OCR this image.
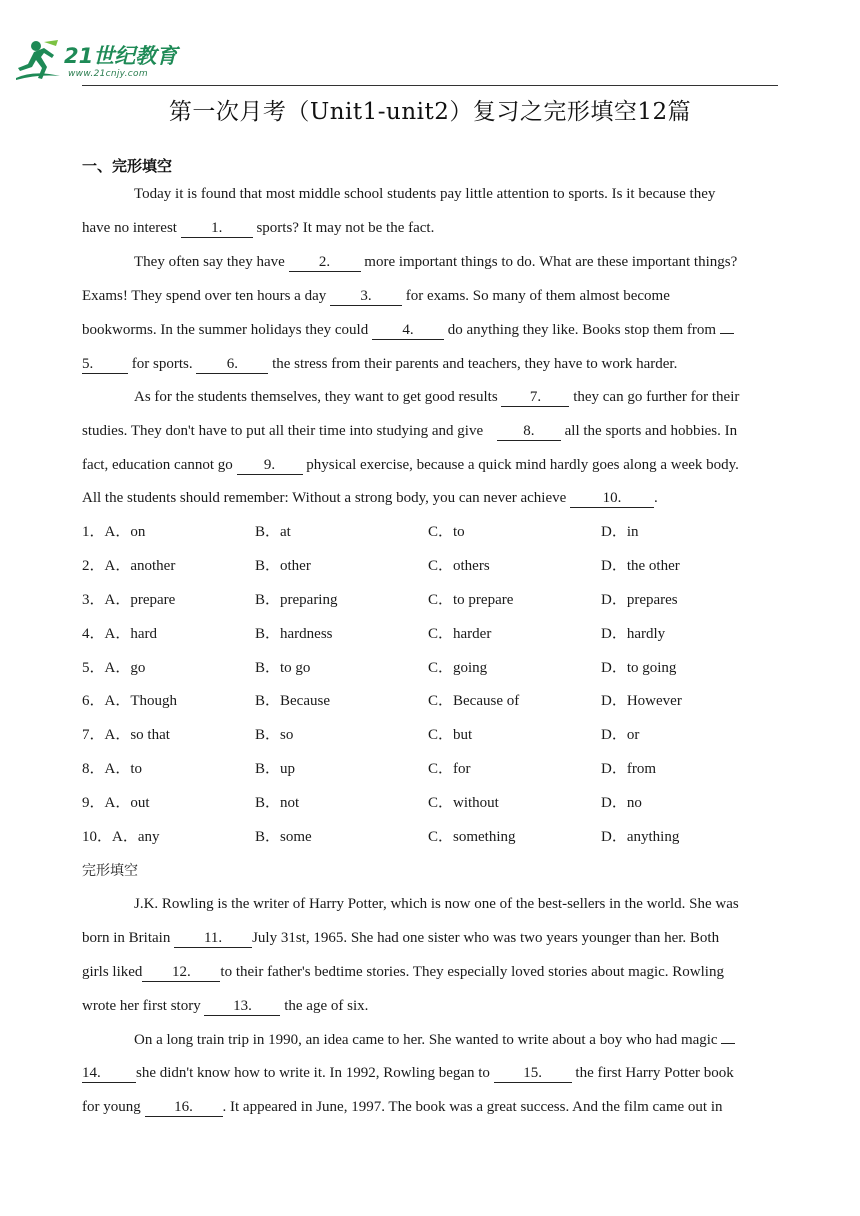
21世纪教育
www.21cnjy.com
第一次月考（Unit1-unit2）复习之完形填空12篇
一、完形填空
Today it is found that most middle school students pay little attention to sports. Is it because they
have no interest 1. sports? It may not be the fact.
They often say they have 2. more important things to do. What are these important things?
Exams! They spend over ten hours a day 3. for exams. So many of them almost become
bookworms. In the summer holidays they could 4. do anything they like. Books stop them from
5. for sports. 6. the stress from their parents and teachers, they have to work harder.
As for the students themselves, they want to get good results 7. they can go further for their
studies. They don't have to put all their time into studying and give 8. all the sports and hobbies. In
fact, education cannot go 9. physical exercise, because a quick mind hardly goes along a week body.
All the students should remember: Without a strong body, you can never achieve 10. .
1．A．on	B．at	C．to	D．in
2．A．another	B．other	C．others	D．the other
3．A．prepare	B．preparing	C．to prepare	D．prepares
4．A．hard	B．hardness	C．harder	D．hardly
5．A．go	B．to go	C．going	D．to going
6．A．Though	B．Because	C．Because of	D．However
7．A．so that	B．so	C．but	D．or
8．A．to	B．up	C．for	D．from
9．A．out	B．not	C．without	D．no
10．A．any	B．some	C．something	D．anything
完形填空
J.K. Rowling is the writer of Harry Potter, which is now one of the best-sellers in the world. She was
born in Britain 11. July 31st, 1965. She had one sister who was two years younger than her. Both
girls liked 12. to their father's bedtime stories. They especially loved stories about magic. Rowling
wrote her first story 13. the age of six.
On a long train trip in 1990, an idea came to her. She wanted to write about a boy who had magic
14. she didn't know how to write it. In 1992, Rowling began to 15. the first Harry Potter book
for young 16. . It appeared in June, 1997. The book was a great success. And the film came out in
